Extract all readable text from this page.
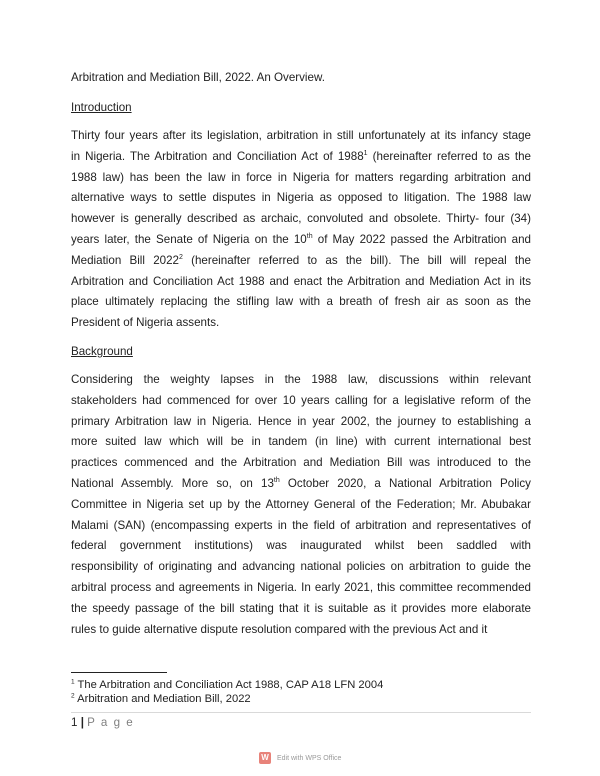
Arbitration and Mediation Bill, 2022. An Overview.
Introduction
Thirty four years after its legislation, arbitration in still unfortunately at its infancy stage
in Nigeria. The Arbitration and Conciliation Act of 1988$^1$ (hereinafter referred to as the
1988 law) has been the law in force in Nigeria for matters regarding arbitration and
alternative ways to settle disputes in Nigeria as opposed to litigation. The 1988 law
however is generally described as archaic, convoluted and obsolete. Thirty- four (34)
years later, the Senate of Nigeria on the 10th of May 2022 passed the Arbitration and
Mediation Bill 2022$^2$ (hereinafter referred to as the bill). The bill will repeal the
Arbitration and Conciliation Act 1988 and enact the Arbitration and Mediation Act in its
place ultimately replacing the stifling law with a breath of fresh air as soon as the
President of Nigeria assents.
Background
Considering the weighty lapses in the 1988 law, discussions within relevant
stakeholders had commenced for over 10 years calling for a legislative reform of the
primary Arbitration law in Nigeria. Hence in year 2002, the journey to establishing a
more suited law which will be in tandem (in line) with current international best
practices commenced and the Arbitration and Mediation Bill was introduced to the
National Assembly. More so, on 13th October 2020, a National Arbitration Policy
Committee in Nigeria set up by the Attorney General of the Federation; Mr. Abubakar
Malami (SAN) (encompassing experts in the field of arbitration and representatives of
federal government institutions) was inaugurated whilst been saddled with
responsibility of originating and advancing national policies on arbitration to guide the
arbitral process and agreements in Nigeria. In early 2021, this committee recommended
the speedy passage of the bill stating that it is suitable as it provides more elaborate
rules to guide alternative dispute resolution compared with the previous Act and it
$^1$ The Arbitration and Conciliation Act 1988, CAP A18 LFN 2004
$^2$ Arbitration and Mediation Bill, 2022
1 | P a g e
W Edit with WPS Office
